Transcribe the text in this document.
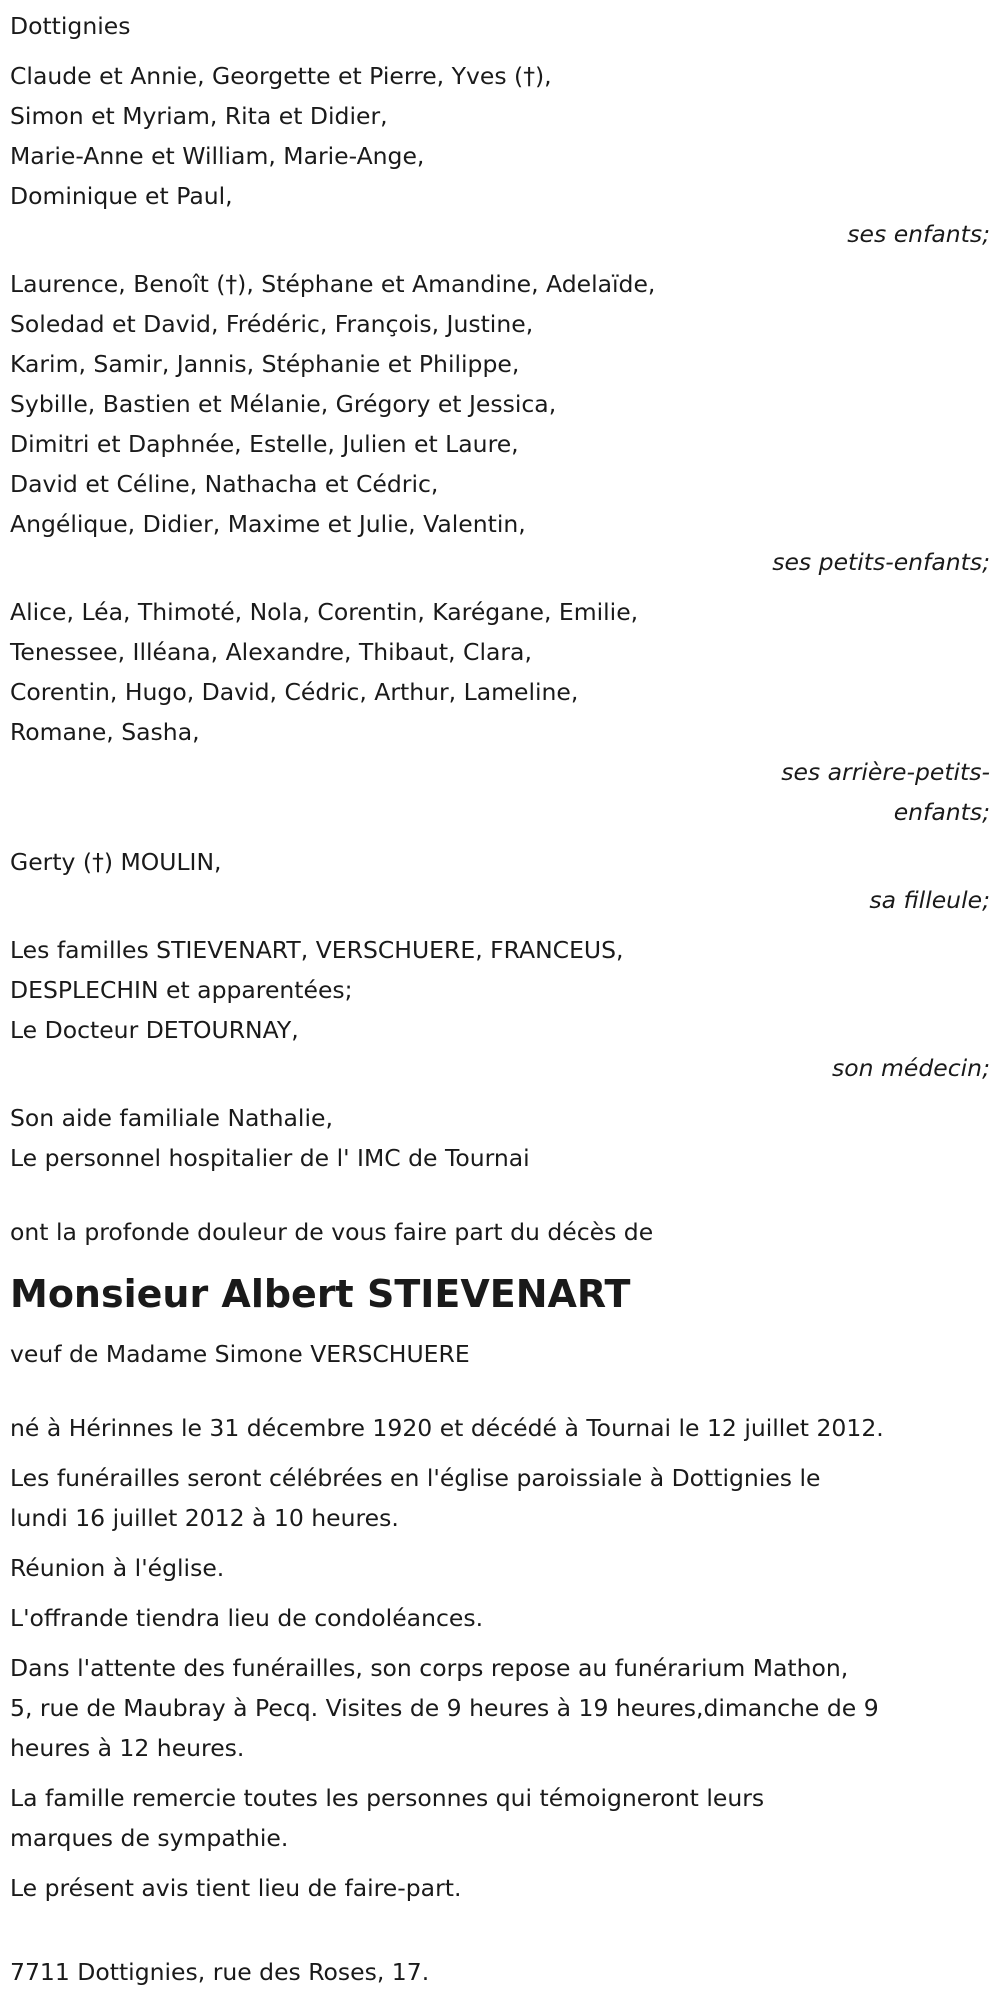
Dottignies
Claude et Annie, Georgette et Pierre, Yves (†),
Simon et Myriam, Rita et Didier,
Marie-Anne et William, Marie-Ange,
Dominique et Paul,
ses enfants;
Laurence, Benoît (†), Stéphane et Amandine, Adelaïde,
Soledad et David, Frédéric, François, Justine,
Karim, Samir, Jannis, Stéphanie et Philippe,
Sybille, Bastien et Mélanie, Grégory et Jessica,
Dimitri et Daphnée, Estelle, Julien et Laure,
David et Céline, Nathacha et Cédric,
Angélique, Didier, Maxime et Julie, Valentin,
ses petits-enfants;
Alice, Léa, Thimoté, Nola, Corentin, Karégane, Emilie,
Tenessee, Illéana, Alexandre, Thibaut, Clara,
Corentin, Hugo, David, Cédric, Arthur, Lameline,
Romane, Sasha,
ses arrière-petits-
enfants;
Gerty (†) MOULIN,
sa filleule;
Les familles STIEVENART, VERSCHUERE, FRANCEUS,
DESPLECHIN et apparentées;
Le Docteur DETOURNAY,
son médecin;
Son aide familiale Nathalie,
Le personnel hospitalier de l' IMC de Tournai
ont la profonde douleur de vous faire part du décès de
Monsieur Albert STIEVENART
veuf de Madame Simone VERSCHUERE
né à Hérinnes le 31 décembre 1920 et décédé à Tournai le 12 juillet 2012.
Les funérailles seront célébrées en l'église paroissiale à Dottignies le
lundi 16 juillet 2012 à 10 heures.
Réunion à l'église.
L'offrande tiendra lieu de condoléances.
Dans l'attente des funérailles, son corps repose au funérarium Mathon,
5, rue de Maubray à Pecq. Visites de 9 heures à 19 heures,dimanche de 9
heures à 12 heures.
La famille remercie toutes les personnes qui témoigneront leurs
marques de sympathie.
Le présent avis tient lieu de faire-part.
7711 Dottignies, rue des Roses, 17.
